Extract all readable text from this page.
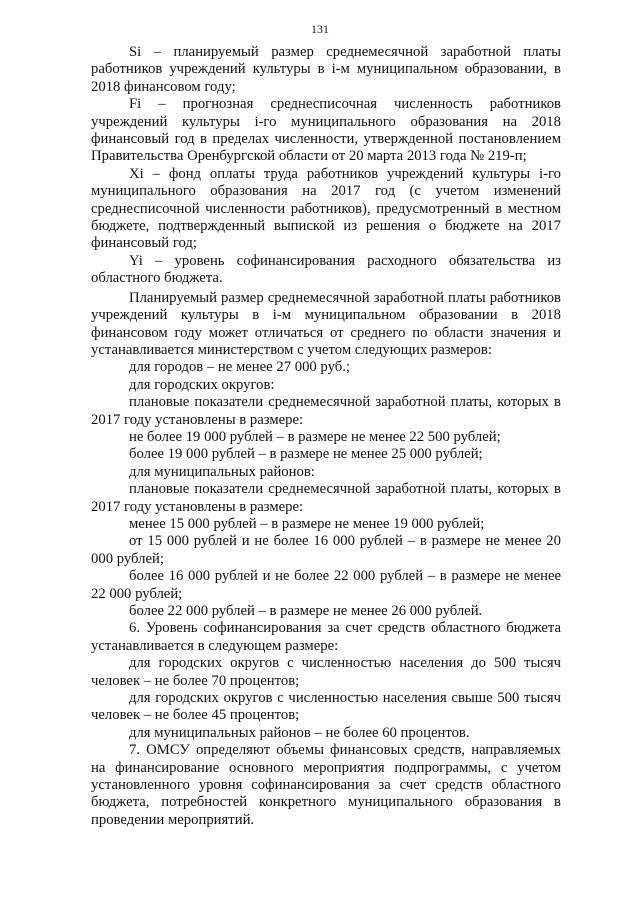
131

Si – планируемый размер среднемесячной заработной платы работников учреждений культуры в i-м муниципальном образовании, в 2018 финансовом году;

Fi – прогнозная среднесписочная численность работников учреждений культуры i-го муниципального образования на 2018 финансовый год в пределах численности, утвержденной постановлением Правительства Оренбургской области от 20 марта 2013 года № 219-п;

Xi – фонд оплаты труда работников учреждений культуры i-го муниципального образования на 2017 год (с учетом изменений среднесписочной численности работников), предусмотренный в местном бюджете, подтвержденный выпиской из решения о бюджете на 2017 финансовый год;

Yi – уровень софинансирования расходного обязательства из областного бюджета.

Планируемый размер среднемесячной заработной платы работников учреждений культуры в i-м муниципальном образовании в 2018 финансовом году может отличаться от среднего по области значения и устанавливается министерством с учетом следующих размеров:

для городов – не менее 27 000 руб.;

для городских округов:

плановые показатели среднемесячной заработной платы, которых в 2017 году установлены в размере:

не более 19 000 рублей – в размере не менее 22 500 рублей;

более 19 000 рублей – в размере не менее 25 000 рублей;

для муниципальных районов:

плановые показатели среднемесячной заработной платы, которых в 2017 году установлены в размере:

менее 15 000 рублей – в размере не менее 19 000 рублей;

от 15 000 рублей и не более 16 000 рублей – в размере не менее 20 000 рублей;

более 16 000 рублей и не более 22 000 рублей – в размере не менее 22 000 рублей;

более 22 000 рублей – в размере не менее 26 000 рублей.

6. Уровень софинансирования за счет средств областного бюджета устанавливается в следующем размере:

для городских округов с численностью населения до 500 тысяч человек – не более 70 процентов;

для городских округов с численностью населения свыше 500 тысяч человек – не более 45 процентов;

для муниципальных районов – не более 60 процентов.

7. ОМСУ определяют объемы финансовых средств, направляемых на финансирование основного мероприятия подпрограммы, с учетом установленного уровня софинансирования за счет средств областного бюджета, потребностей конкретного муниципального образования в проведении мероприятий.
